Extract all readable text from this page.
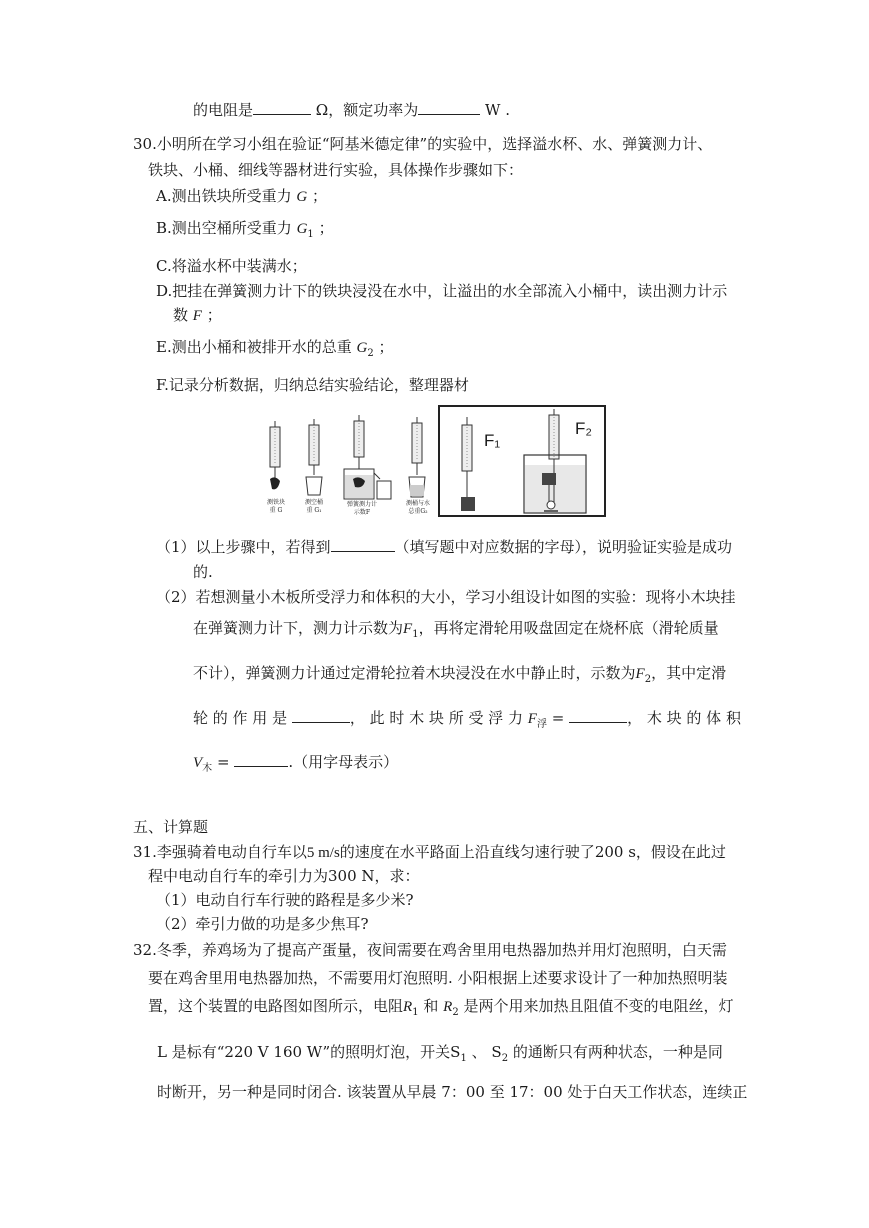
的电阻是	Ω，额定功率为	W .
30.小明所在学习小组在验证“阿基米德定律”的实验中，选择溢水杯、水、弹簧测力计、
铁块、小桶、细线等器材进行实验，具体操作步骤如下：
A.测出铁块所受重力 G ；
B.测出空桶所受重力 $G_1$ ；
C.将溢水杯中装满水；
D.把挂在弹簧测力计下的铁块浸没在水中，让溢出的水全部流入小桶中，读出测力计示
数 F ；
E.测出小桶和被排开水的总重 $G_2$ ；
F.记录分析数据，归纳总结实验结论，整理器材
F₁
F₂
测铁块
重 G
测空桶
重 G₁
弹簧测力计
示数F
测桶与水
总重G₂
（1）以上步骤中，若得到	（填写题中对应数据的字母），说明验证实验是成功
的.
（2）若想测量小木板所受浮力和体积的大小，学习小组设计如图的实验：现将小木块挂
在弹簧测力计下，测力计示数为$F_1$，再将定滑轮用吸盘固定在烧杯底（滑轮质量
不计），弹簧测力计通过定滑轮拉着木块浸没在水中静止时，示数为$F_2$，其中定滑
轮 的 作 用 是	， 此 时 木 块 所 受 浮 力 $F_浮$ =	， 木 块 的 体 积
$V_木$ =	.（用字母表示）
五、计算题
31.李强骑着电动自行车以5 m/s的速度在水平路面上沿直线匀速行驶了200 s，假设在此过
程中电动自行车的牵引力为300 N，求：
（1）电动自行车行驶的路程是多少米?
（2）牵引力做的功是多少焦耳?
32.冬季，养鸡场为了提高产蛋量，夜间需要在鸡舍里用电热器加热并用灯泡照明，白天需
要在鸡舍里用电热器加热，不需要用灯泡照明. 小阳根据上述要求设计了一种加热照明装
置，这个装置的电路图如图所示，电阻$R_1$ 和 $R_2$ 是两个用来加热且阻值不变的电阻丝，灯
L 是标有“220 V 160 W”的照明灯泡，开关$S_1$ 、 $S_2$ 的通断只有两种状态，一种是同
时断开，另一种是同时闭合. 该装置从早晨 7：00 至 17：00 处于白天工作状态，连续正
